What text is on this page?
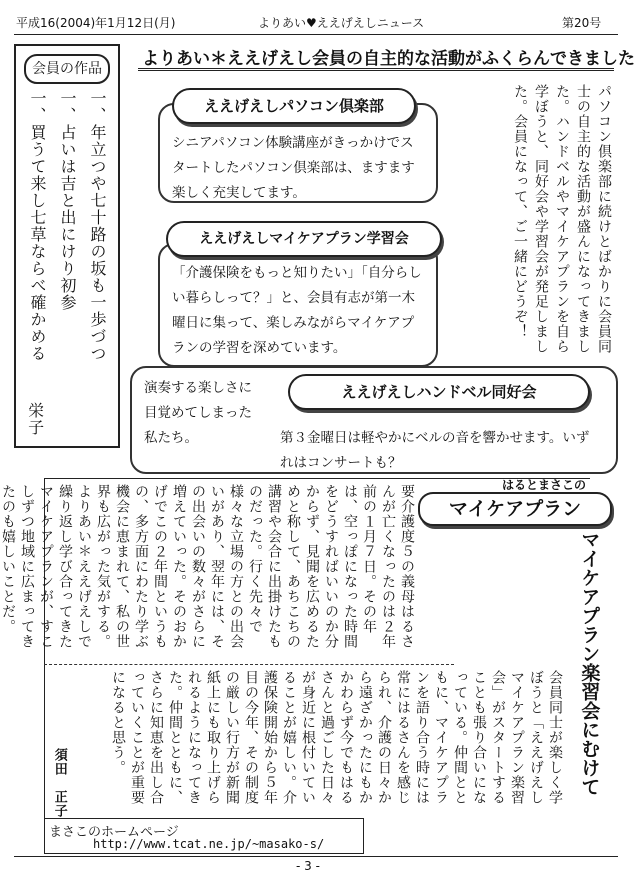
平成16(2004)年1月12日(月)	よりあい♥ええげえしニュース	第20号
よりあい＊ええげえし会員の自主的な活動がふくらんできました
会員の作品
一、年立つや七十路の坂も一歩づつ
一、占いは吉と出にけり初参
一、買うて来し七草ならべ確かめる
栄子
パソコン倶楽部に続けとばかりに会員同士の自主的な活動が盛んになってきました。ハンドベルやマイケアプランを自ら学ぼうと、同好会や学習会が発足しました。会員になって、ご一緒にどうぞ！
シニアパソコン体験講座がきっかけでスタートしたパソコン倶楽部は、ますます楽しく充実してます。
ええげえしパソコン倶楽部
「介護保険をもっと知りたい」「自分らしい暮らしって？」と、会員有志が第一木曜日に集って、楽しみながらマイケアプランの学習を深めています。
ええげえしマイケアプラン学習会
演奏する楽しさに目覚めてしまった私たち。	第３金曜日は軽やかにベルの音を響かせます。いずれはコンサートも？
ええげえしハンドベル同好会
はるとまさこの
マイケアプラン
要介護度５の義母はるさんが亡くなったのは２年前の１月７日。その年は、空っぽになった時間をどうすればいいのか分からず、見聞を広めるためと称して、あちこちの講習や会合に出掛けたものだった。行く先々で様々な立場の方との出会いがあり、翌年には、その出会いの数々がさらに増えていった。そのおかげでこの２年間というもの、多方面にわたり学ぶ機会に恵まれて、私の世界も広がった気がする。よりあい＊ええげえしで繰り返し学び合ってきたマイケアプランが、すこしずつ地域に広まってきたのも嬉しいことだ。	マイケアプラン楽習会にむけて
会員同士が楽しく学ぼうと「ええげえしマイケアプラン楽習会」がスタートすることも張り合いになっている。仲間とともに、マイケアプランを語り合う時には常にはるさんを感じられ、介護の日々から遠ざかったにもかかわらず今でもはるさんと過ごした日々が身近に根付いていることが嬉しい。介護保険開始から５年目の今年、その制度の厳しい行方が新聞紙上にも取り上げられるようになってきた。仲間とともに、さらに知恵を出し合っていくことが重要になると思う。
須田　正子
まさこのホームページ
http://www.tcat.ne.jp/~masako-s/
- 3 -
